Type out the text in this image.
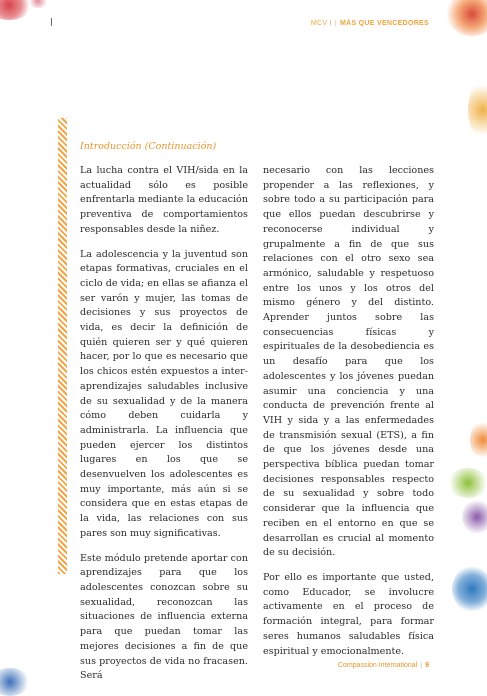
MCV I | MÁS QUE VENCEDORES
Introducción (Continuación)

La lucha contra el VIH/sida en la actualidad sólo es posible enfrentarla mediante la educación preventiva de comportamientos responsables desde la niñez.

La adolescencia y la juventud son etapas formativas, cruciales en el ciclo de vida; en ellas se afianza el ser varón y mujer, las tomas de decisiones y sus proyectos de vida, es decir la definición de quién quieren ser y qué quieren hacer, por lo que es necesario que los chicos estén expuestos a inter-aprendizajes saludables inclusive de su sexualidad y de la manera cómo deben cuidarla y administrarla. La influencia que pueden ejercer los distintos lugares en los que se desenvuelven los adolescentes es muy importante, más aún si se considera que en estas etapas de la vida, las relaciones con sus pares son muy significativas.

Este módulo pretende aportar con aprendizajes para que los adolescentes conozcan sobre su sexualidad, reconozcan las situaciones de influencia externa para que puedan tomar las mejores decisiones a fin de que sus proyectos de vida no fracasen. Será

necesario con las lecciones propender a las reflexiones, y sobre todo a su participación para que ellos puedan descubrirse y reconocerse individual y grupalmente a fin de que sus relaciones con el otro sexo sea armónico, saludable y respetuoso entre los unos y los otros del mismo género y del distinto. Aprender juntos sobre las consecuencias físicas y espirituales de la desobediencia es un desafío para que los adolescentes y los jóvenes puedan asumir una conciencia y una conducta de prevención frente al VIH y sida y a las enfermedades de transmisión sexual (ETS), a fin de que los jóvenes desde una perspectiva bíblica puedan tomar decisiones responsables respecto de su sexualidad y sobre todo considerar que la influencia que reciben en el entorno en que se desarrollan es crucial al momento de su decisión.

Por ello es importante que usted, como Educador, se involucre activamente en el proceso de formación integral, para formar seres humanos saludables física espiritual y emocionalmente.

Compassion International | 9
